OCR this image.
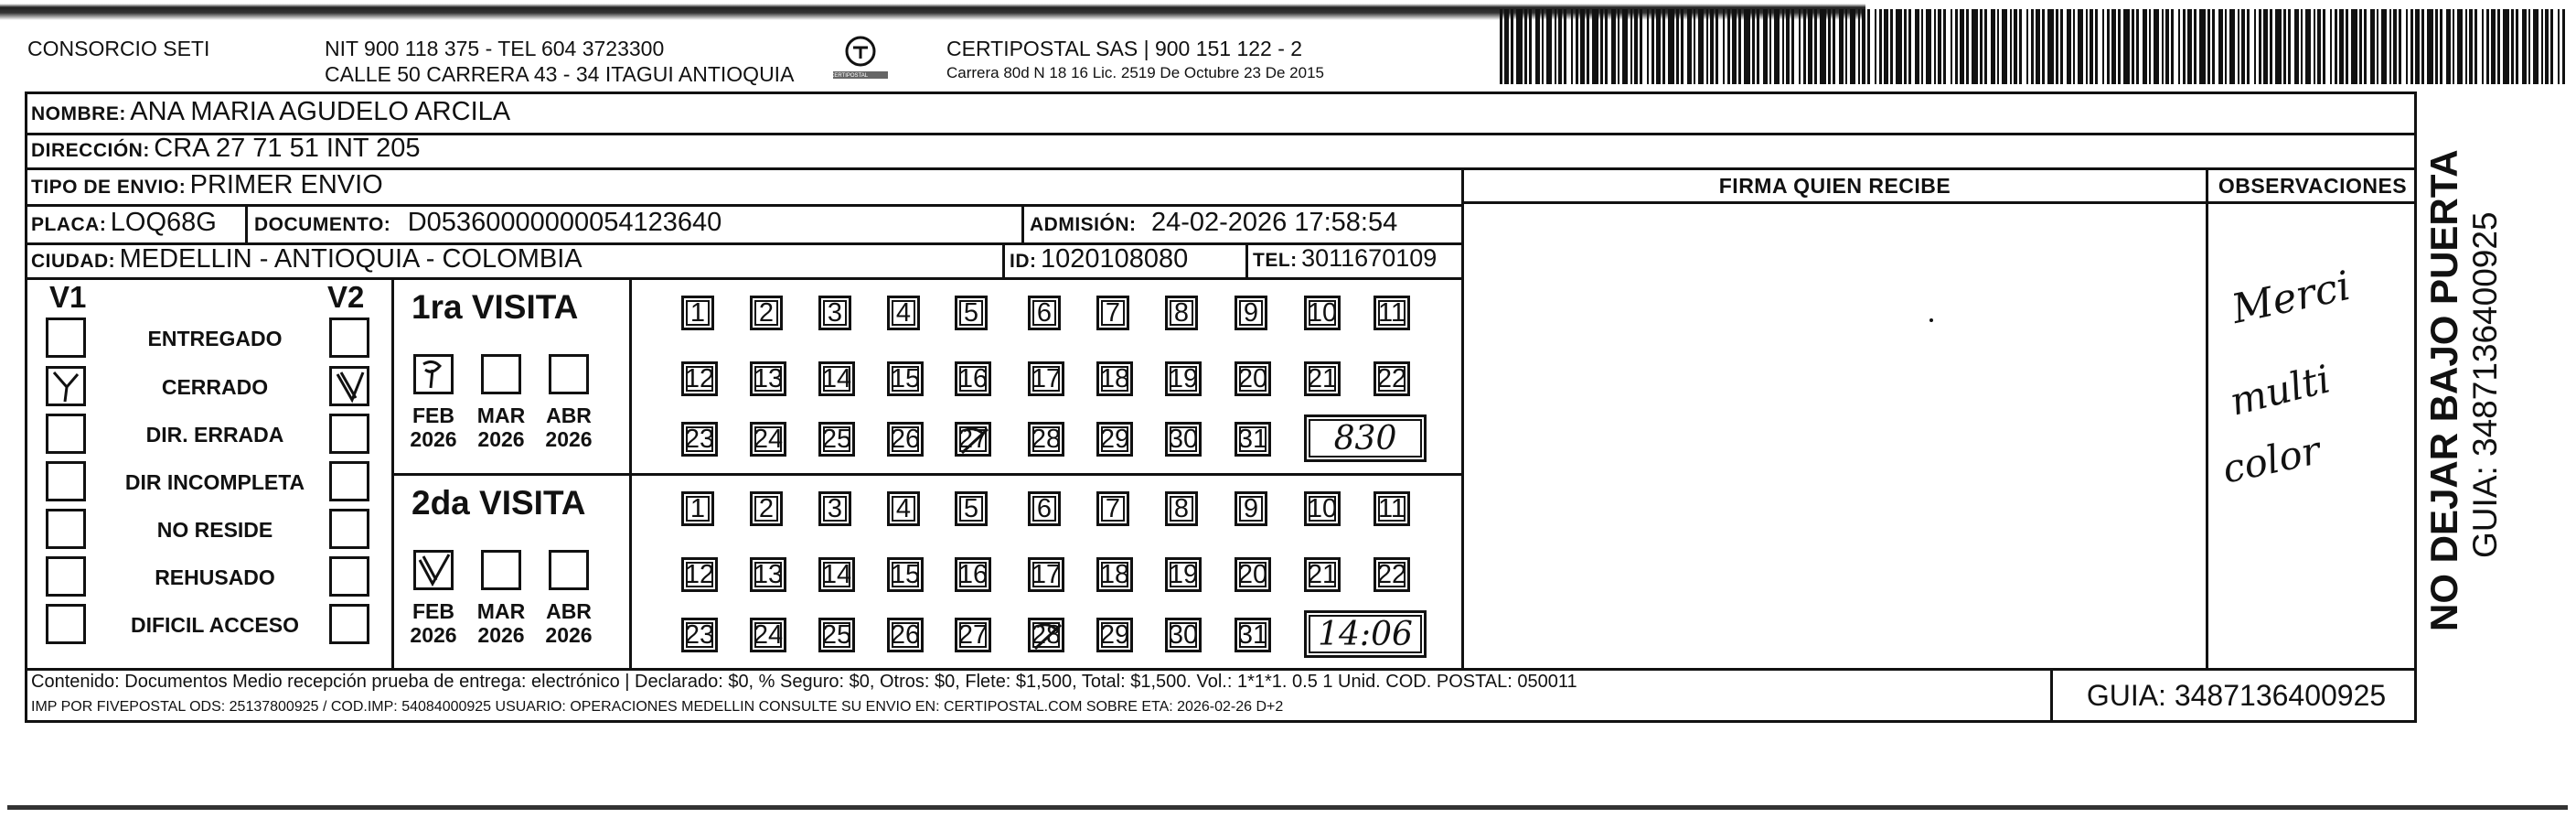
CONSORCIO SETI	NIT 900 118 375 - TEL 604 3723300
CALLE 50 CARRERA 43 - 34 ITAGUI ANTIOQUIA	CERTIPOSTAL
CERTIPOSTAL SAS | 900 151 122 - 2
Carrera 80d N 18 16 Lic. 2519 De Octubre 23 De 2015
NOMBRE: ANA MARIA AGUDELO ARCILA
DIRECCIÓN: CRA 27 71 51 INT 205
TIPO DE ENVIO: PRIMER ENVIO
PLACA: LOQ68G DOCUMENTO: D05360000000054123640	ADMISIÓN: 24-02-2026 17:58:54
CIUDAD: MEDELLIN - ANTIOQUIA - COLOMBIA	ID: 1020108080	TEL: 3011670109
FIRMA QUIEN RECIBE	OBSERVACIONES
V1	V2
ENTREGADO
CERRADO
DIR. ERRADA
DIR INCOMPLETA
NO RESIDE
REHUSADO
DIFICIL ACCESO
1ra VISITA
FEB
2026
MAR
2026
ABR
2026
1 2 3 4 5 6 7 8 9 10 11
12 13 14 15 16 17 18 19 20 21 22
23 24 25 26 27 28 29 30 31 830
2da VISITA
FEB
2026
MAR
2026
ABR
2026
1 2 3 4 5 6 7 8 9 10 11
12 13 14 15 16 17 18 19 20 21 22
23 24 25 26 27 28 29 30 31 14:06
Merci
multi
color
Contenido: Documentos Medio recepción prueba de entrega: electrónico | Declarado: $0, % Seguro: $0, Otros: $0, Flete: $1,500, Total: $1,500. Vol.: 1*1*1. 0.5 1 Unid. COD. POSTAL: 050011
IMP POR FIVEPOSTAL ODS: 25137800925 / COD.IMP: 54084000925 USUARIO: OPERACIONES MEDELLIN CONSULTE SU ENVIO EN: CERTIPOSTAL.COM SOBRE ETA: 2026-02-26 D+2	GUIA: 3487136400925
NO DEJAR BAJO PUERTA GUIA: 3487136400925
